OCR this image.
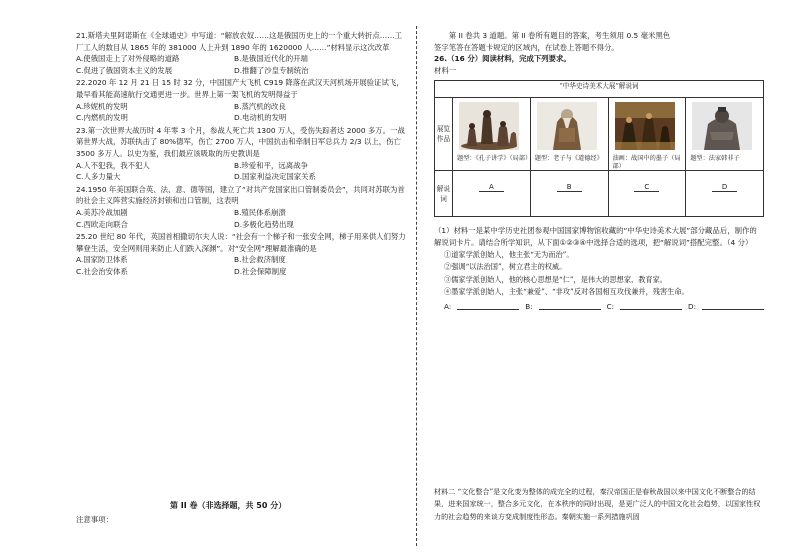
21.斯塔夫里阿诺斯在《全球通史》中写道：“解放农奴……这是俄国历史上的一个重大转折点……工厂工人的数目从 1865 年的 381000 人上升到 1890 年的 1620000 人……”材料显示这次改革

A.使俄国走上了对外侵略的道路	B.是俄国近代化的开端
C.促进了俄国资本主义的发展	D.推翻了沙皇专制统治

22.2020 年 12 月 21 日 15 时 32 分，中国国产大飞机 C919 降落在武汉天河机场开展验证试飞，最早看其能高速航行交通更进一步。世界上第一架飞机的发明得益于

A.珍妮机的发明	B.蒸汽机的改良
C.内燃机的发明	D.电动机的发明

23.第一次世界大战历时 4 年零 3 个月，参战人死亡共 1300 万人，受伤失踪者达 2000 多万。一战第世界大战，苏联执击了 80%德军，伤亡 2700 万人，中国抗击和牵制日军总兵力 2/3 以上，伤亡 3500 多万人。以史为鉴，我们最应该吸取的历史教训是

A.人不犯我，我不犯人	B.珍爱和平，远离战争
C.人多力量大	D.国家利益决定国家关系

24.1950 年美国联合英、法、意、德等国，建立了“对共产党国家出口管制委员会”，共同对苏联为首的社会主义阵营实施经济封锁和出口管制，这表明

A.美苏冷战加剧	B.殖民体系崩溃
C.西欧走向联合	D.多极化趋势出现

25.20 世纪 80 年代，英国首相撒切尔夫人说：“社会有一个梯子和一张安全网，梯子用来供人们努力攀登生活，安全网则用来防止人们跌入深渊”。对“安全网”理解最准确的是

A.国家防卫体系	B.社会救济制度
C.社会治安体系	D.社会保障制度
第 II 卷（非选择题，共 50 分）
注意事项：

第 II 卷共 3 道题。第 II 卷所有题目的答案，考生须用 0.5 毫米黑色

签字笔答在答题卡规定的区域内，在试卷上答题不得分。

26.（16 分）阅读材料，完成下列要求。

材料一

“中华史诗美术大展”解说词				
展览作品	题型：《孔子讲学》（局部）	题型：老子与《道德经》	油画：战国中的墨子（局部）	题型：法家韩非子

解说词	A	B	C	D

（1）材料一是某中学历史社团参观中国国家博物馆收藏的“中华史诗美术大展”部分藏品后，制作的解说词卡片。请结合所学知识，从下面①②③④中选择合适的选项，把“解说词”搭配完整。（4 分）

①道家学派创始人，他主张“无为而治”。
②强调“以法治国”，树立君主的权威。
③儒家学派创始人，他的核心思想是“仁”，是伟大的思想家、教育家。
④墨家学派创始人，主张“兼爱”、“非攻”反对各国相互攻伐兼并，残害生命。
A:	B:	C:	D:
材料二 “文化整合”是文化变为整体的成完全的过程，秦汉帝国正是春秋战国以来中国文化不断整合的结果，进来国家统一，整合多元文化，在本秩序的同时出现，是更广泛人的中国文化社会趋势，以国家性权力的社会趋势的来谈方变成制度性形态。秦朝实施一系列措施巩固
